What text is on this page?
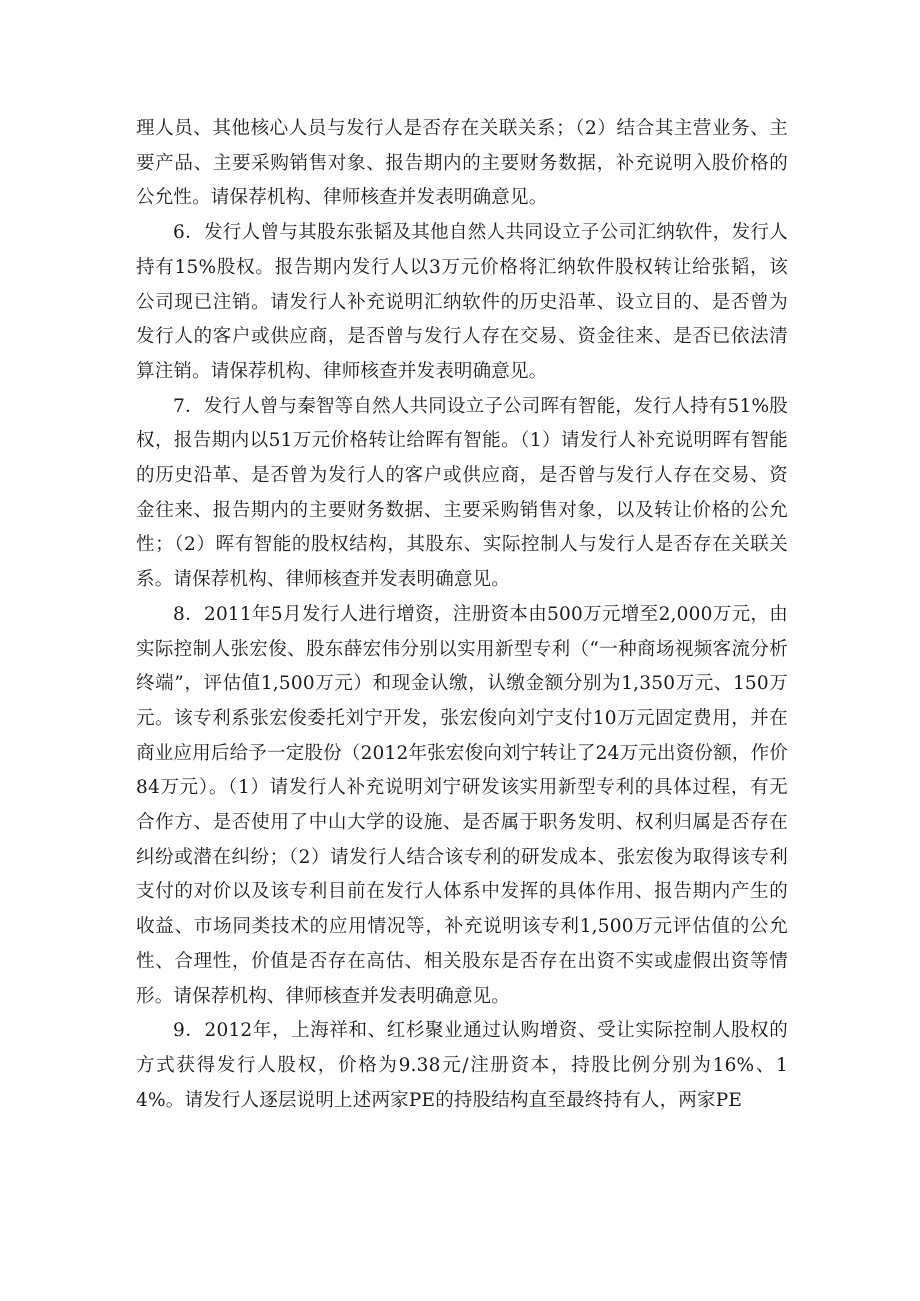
理人员、其他核心人员与发行人是否存在关联关系；（2）结合其主营业务、主要产品、主要采购销售对象、报告期内的主要财务数据，补充说明入股价格的公允性。请保荐机构、律师核查并发表明确意见。

6．发行人曾与其股东张韬及其他自然人共同设立子公司汇纳软件，发行人持有15%股权。报告期内发行人以3万元价格将汇纳软件股权转让给张韬，该公司现已注销。请发行人补充说明汇纳软件的历史沿革、设立目的、是否曾为发行人的客户或供应商，是否曾与发行人存在交易、资金往来、是否已依法清算注销。请保荐机构、律师核查并发表明确意见。

7．发行人曾与秦智等自然人共同设立子公司晖有智能，发行人持有51%股权，报告期内以51万元价格转让给晖有智能。（1）请发行人补充说明晖有智能的历史沿革、是否曾为发行人的客户或供应商，是否曾与发行人存在交易、资金往来、报告期内的主要财务数据、主要采购销售对象，以及转让价格的公允性；（2）晖有智能的股权结构，其股东、实际控制人与发行人是否存在关联关系。请保荐机构、律师核查并发表明确意见。

8．2011年5月发行人进行增资，注册资本由500万元增至2,000万元，由实际控制人张宏俊、股东薛宏伟分别以实用新型专利（“一种商场视频客流分析终端”，评估值1,500万元）和现金认缴，认缴金额分别为1,350万元、150万元。该专利系张宏俊委托刘宁开发，张宏俊向刘宁支付10万元固定费用，并在商业应用后给予一定股份（2012年张宏俊向刘宁转让了24万元出资份额，作价84万元）。（1）请发行人补充说明刘宁研发该实用新型专利的具体过程，有无合作方、是否使用了中山大学的设施、是否属于职务发明、权利归属是否存在纠纷或潜在纠纷；（2）请发行人结合该专利的研发成本、张宏俊为取得该专利支付的对价以及该专利目前在发行人体系中发挥的具体作用、报告期内产生的收益、市场同类技术的应用情况等，补充说明该专利1,500万元评估值的公允性、合理性，价值是否存在高估、相关股东是否存在出资不实或虚假出资等情形。请保荐机构、律师核查并发表明确意见。

9．2012年，上海祥和、红杉聚业通过认购增资、受让实际控制人股权的方式获得发行人股权，价格为9.38元/注册资本，持股比例分别为16%、14%。请发行人逐层说明上述两家PE的持股结构直至最终持有人，两家PE
